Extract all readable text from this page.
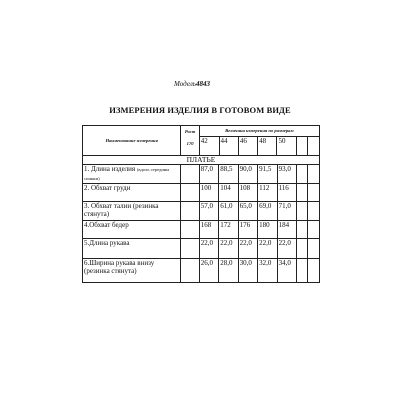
Модель4843
ИЗМЕРЕНИЯ ИЗДЕЛИЯ В ГОТОВОМ ВИДЕ
Наименование измерения	
Рост
170

Величина измерения по размерам
42	44	46	48	50		

ПЛАТЬЕ
1. Длина изделия (вдоль середины спинки)		87,0	88,5	90,0	91,5	93,0		
2. Обхват груди		100	104	108	112	116		
3. Обхват талии (резинка стянута)		57,0	61,0	65,0	69,0	71,0		
4.Обхват бедер		168	172	176	180	184		
5.Длина рукава		22,0	22,0	22,0	22,0	22,0		
6.Ширина рукава внизу (резинка стянута)		26,0	28,0	30,0	32,0	34,0		
